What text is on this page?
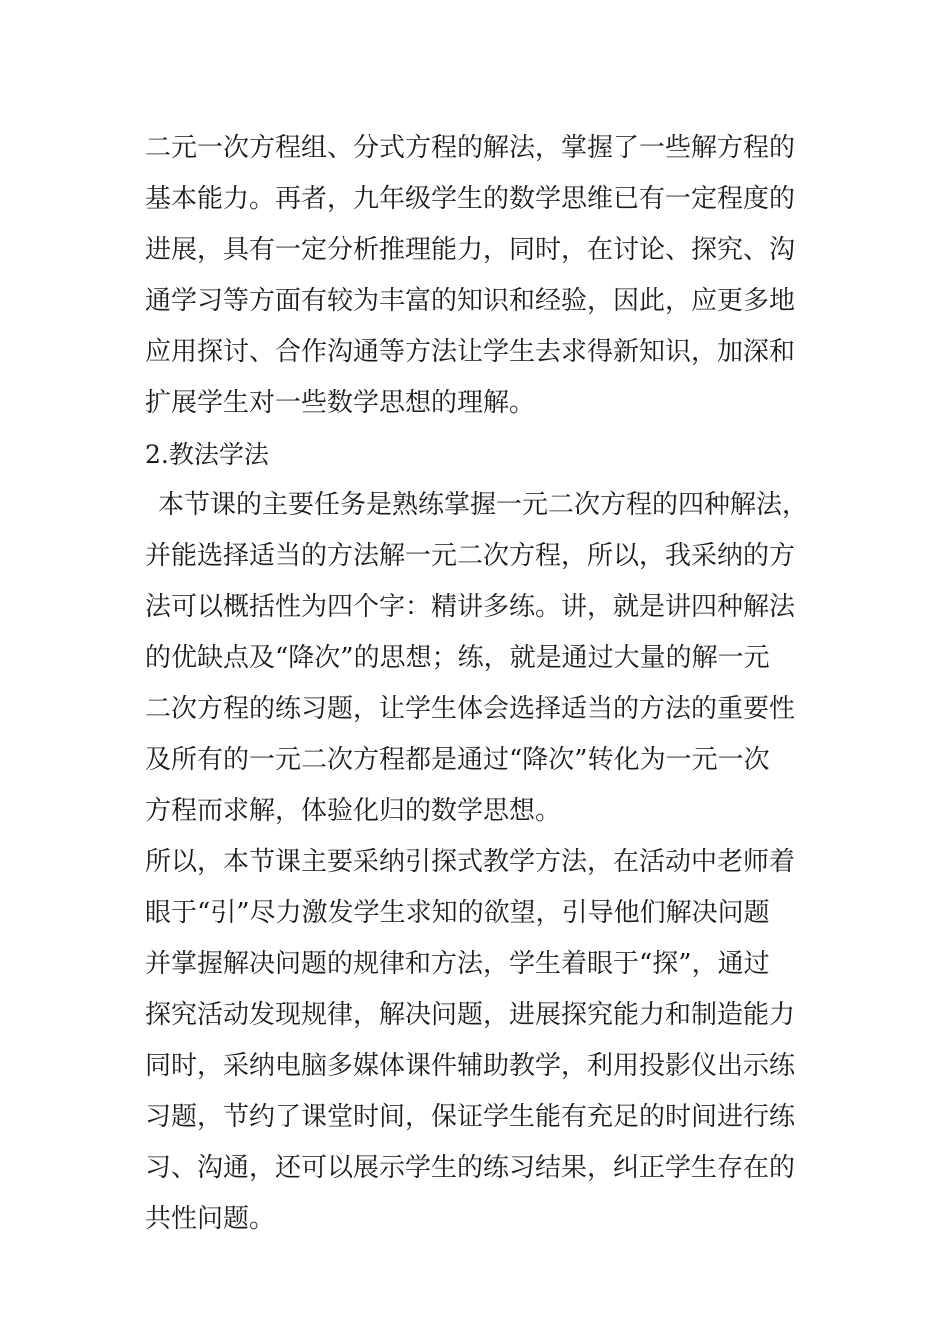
二元一次方程组、分式方程的解法，掌握了一些解方程的
基本能力。再者，九年级学生的数学思维已有一定程度的
进展，具有一定分析推理能力，同时，在讨论、探究、沟
通学习等方面有较为丰富的知识和经验，因此，应更多地
应用探讨、合作沟通等方法让学生去求得新知识，加深和
扩展学生对一些数学思想的理解。
2.教法学法
本节课的主要任务是熟练掌握一元二次方程的四种解法，
并能选择适当的方法解一元二次方程，所以，我采纳的方
法可以概括性为四个字：精讲多练。讲，就是讲四种解法
的优缺点及“降次”的思想；练，就是通过大量的解一元
二次方程的练习题，让学生体会选择适当的方法的重要性
及所有的一元二次方程都是通过“降次”转化为一元一次
方程而求解，体验化归的数学思想。
所以，本节课主要采纳引探式教学方法，在活动中老师着
眼于“引”尽力激发学生求知的欲望，引导他们解决问题
并掌握解决问题的规律和方法，学生着眼于“探”，通过
探究活动发现规律，解决问题，进展探究能力和制造能力
同时，采纳电脑多媒体课件辅助教学，利用投影仪出示练
习题，节约了课堂时间，保证学生能有充足的时间进行练
习、沟通，还可以展示学生的练习结果，纠正学生存在的
共性问题。
